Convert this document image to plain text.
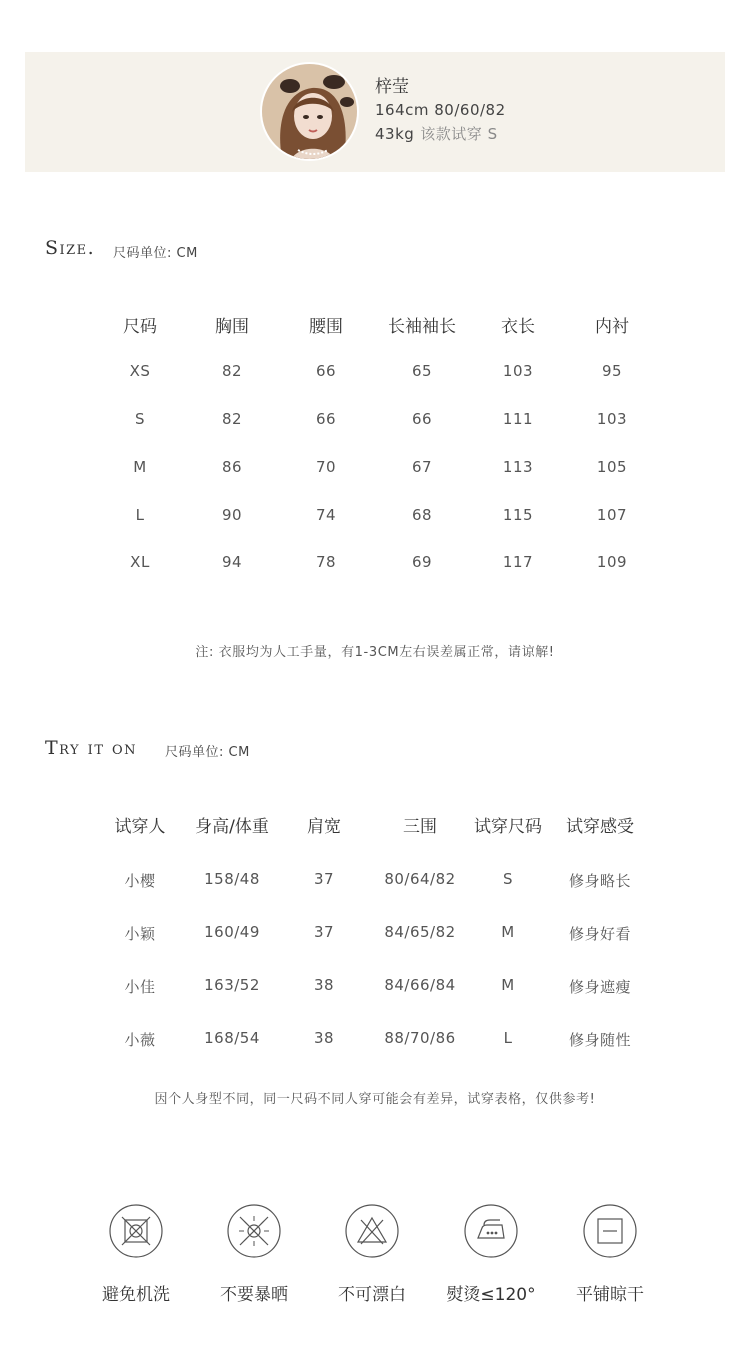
梓莹
164cm 80/60/82
43kg 该款试穿 S
Size. 尺码单位: CM
尺码	胸围	腰围	长袖袖长	衣长	内衬
XS	82	66	65	103	95
S	82	66	66	111	103
M	86	70	67	113	105
L	90	74	68	115	107
XL	94	78	69	117	109
注: 衣服均为人工手量，有1-3CM左右误差属正常，请谅解!
Try it on 尺码单位: CM
试穿人 身高/体重 肩宽	三围 试穿尺码 试穿感受
小樱	158/48	37	80/64/82	S	修身略长
小颖	160/49	37	84/65/82	M	修身好看
小佳	163/52	38	84/66/84	M	修身遮瘦
小薇	168/54	38	88/70/86	L	修身随性
因个人身型不同，同一尺码不同人穿可能会有差异，试穿表格，仅供参考!
避免机洗	不要暴晒	不可漂白	熨烫≤120°	平铺晾干
